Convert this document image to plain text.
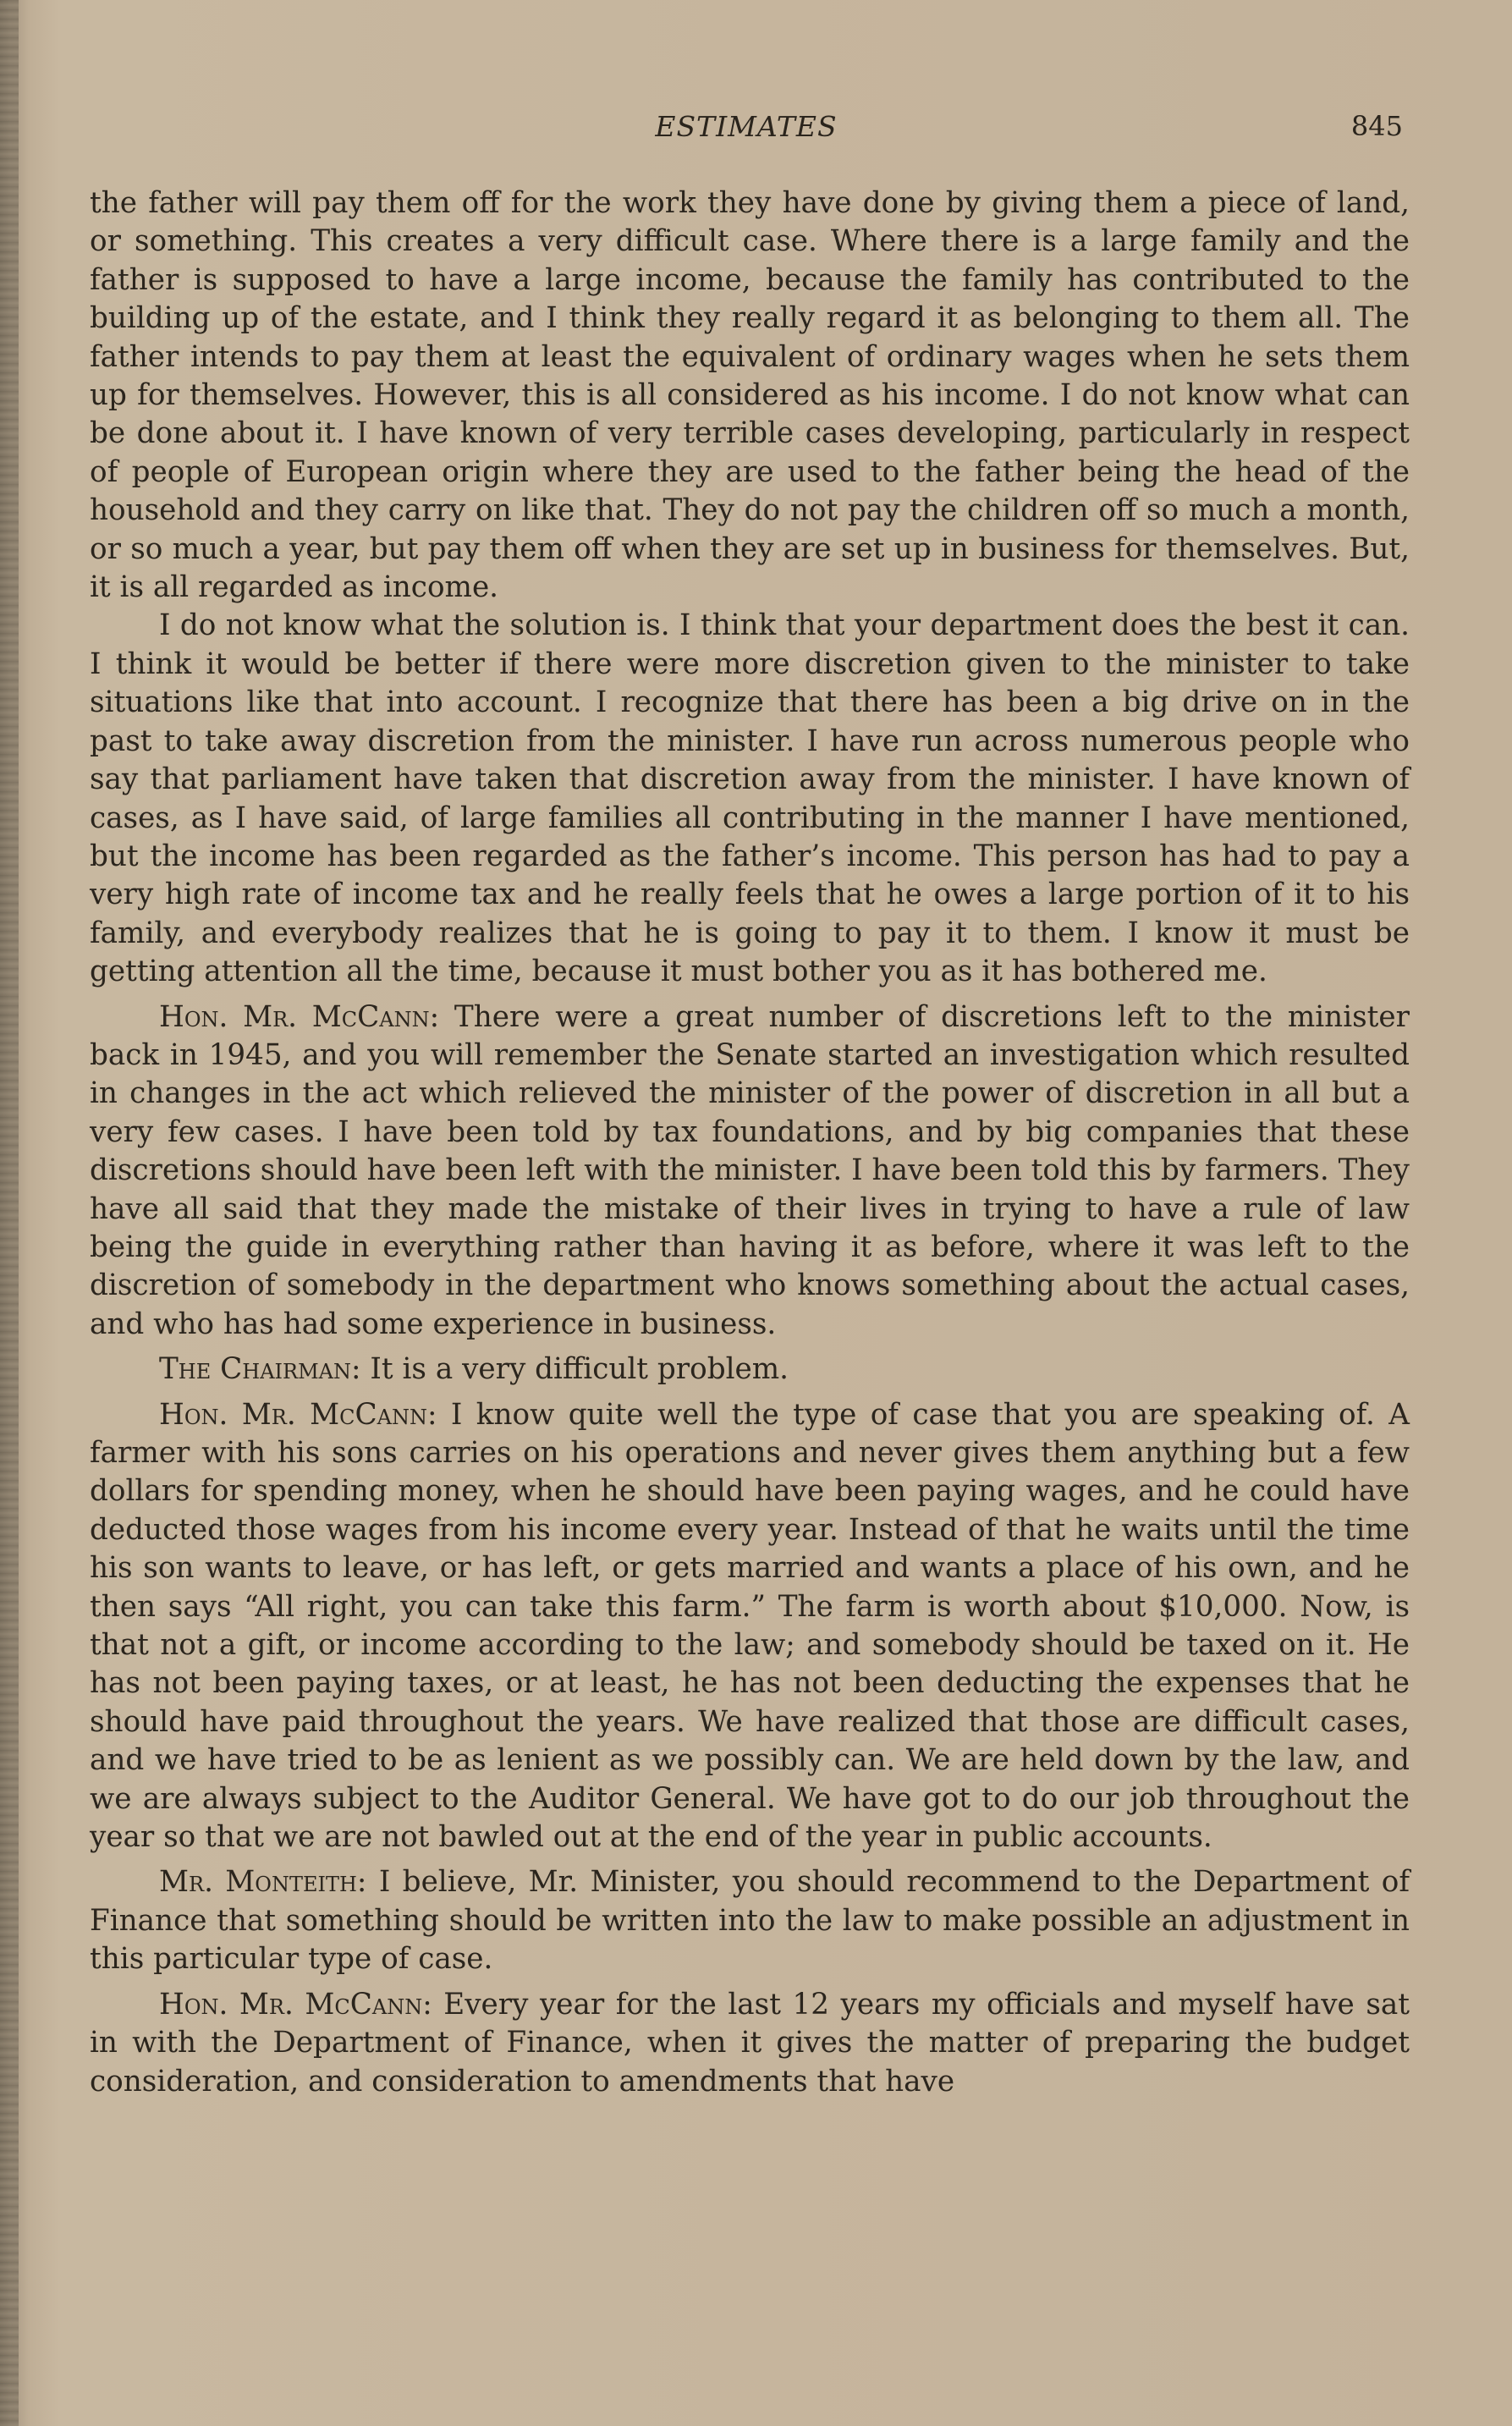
ESTIMATES	845

the father will pay them off for the work they have done by giving them a piece of land, or something. This creates a very difficult case. Where there is a large family and the father is supposed to have a large income, because the family has contributed to the building up of the estate, and I think they really regard it as belonging to them all. The father intends to pay them at least the equivalent of ordinary wages when he sets them up for themselves. However, this is all considered as his income. I do not know what can be done about it. I have known of very terrible cases developing, particularly in respect of people of European origin where they are used to the father being the head of the household and they carry on like that. They do not pay the children off so much a month, or so much a year, but pay them off when they are set up in business for themselves. But, it is all regarded as income.

I do not know what the solution is. I think that your department does the best it can. I think it would be better if there were more discretion given to the minister to take situations like that into account. I recognize that there has been a big drive on in the past to take away discretion from the minister. I have run across numerous people who say that parliament have taken that discretion away from the minister. I have known of cases, as I have said, of large families all contributing in the manner I have mentioned, but the income has been regarded as the father’s income. This person has had to pay a very high rate of income tax and he really feels that he owes a large portion of it to his family, and everybody realizes that he is going to pay it to them. I know it must be getting attention all the time, because it must bother you as it has bothered me.

Hon. Mr. McCann: There were a great number of discretions left to the minister back in 1945, and you will remember the Senate started an investigation which resulted in changes in the act which relieved the minister of the power of discretion in all but a very few cases. I have been told by tax foundations, and by big companies that these discretions should have been left with the minister. I have been told this by farmers. They have all said that they made the mistake of their lives in trying to have a rule of law being the guide in everything rather than having it as before, where it was left to the discretion of somebody in the department who knows something about the actual cases, and who has had some experience in business.

The Chairman: It is a very difficult problem.

Hon. Mr. McCann: I know quite well the type of case that you are speaking of. A farmer with his sons carries on his operations and never gives them anything but a few dollars for spending money, when he should have been paying wages, and he could have deducted those wages from his income every year. Instead of that he waits until the time his son wants to leave, or has left, or gets married and wants a place of his own, and he then says “All right, you can take this farm.” The farm is worth about $10,000. Now, is that not a gift, or income according to the law; and somebody should be taxed on it. He has not been paying taxes, or at least, he has not been deducting the expenses that he should have paid throughout the years. We have realized that those are difficult cases, and we have tried to be as lenient as we possibly can. We are held down by the law, and we are always subject to the Auditor General. We have got to do our job throughout the year so that we are not bawled out at the end of the year in public accounts.

Mr. Monteith: I believe, Mr. Minister, you should recommend to the Department of Finance that something should be written into the law to make possible an adjustment in this particular type of case.

Hon. Mr. McCann: Every year for the last 12 years my officials and myself have sat in with the Department of Finance, when it gives the matter of preparing the budget consideration, and consideration to amendments that have
